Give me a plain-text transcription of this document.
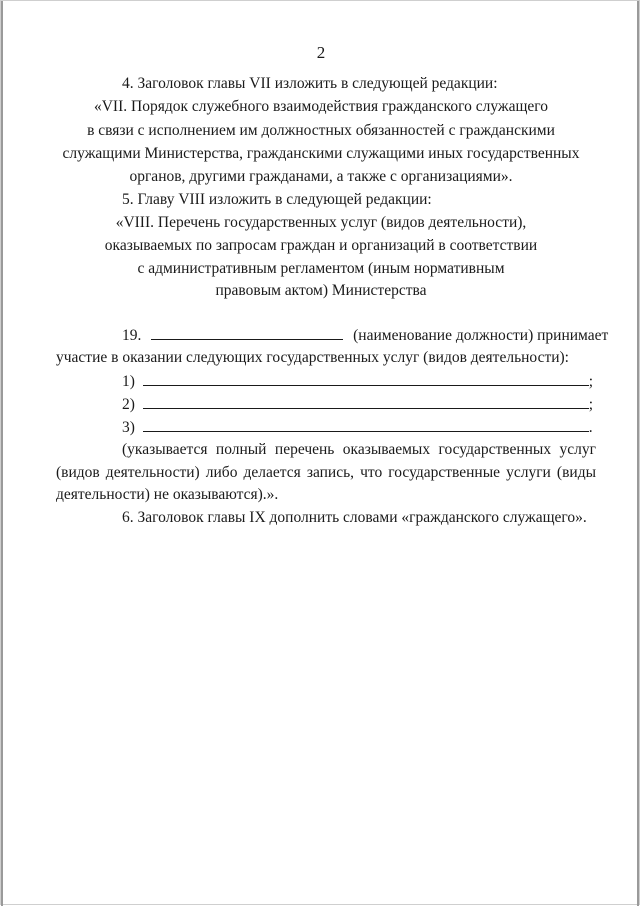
2
4. Заголовок главы VII изложить в следующей редакции:
«VII. Порядок служебного взаимодействия гражданского служащего
в связи с исполнением им должностных обязанностей с гражданскими
служащими Министерства, гражданскими служащими иных государственных
органов, другими гражданами, а также с организациями».
5. Главу VIII изложить в следующей редакции:
«VIII. Перечень государственных услуг (видов деятельности),
оказываемых по запросам граждан и организаций в соответствии
с административным регламентом (иным нормативным
правовым актом) Министерства
19.	(наименование должности) принимает
участие в оказании следующих государственных услуг (видов деятельности):
1)	;
2)	;
3)	.
(указывается полный перечень оказываемых государственных услуг
(видов деятельности) либо делается запись, что государственные услуги (виды
деятельности) не оказываются).».
6. Заголовок главы IX дополнить словами «гражданского служащего».
